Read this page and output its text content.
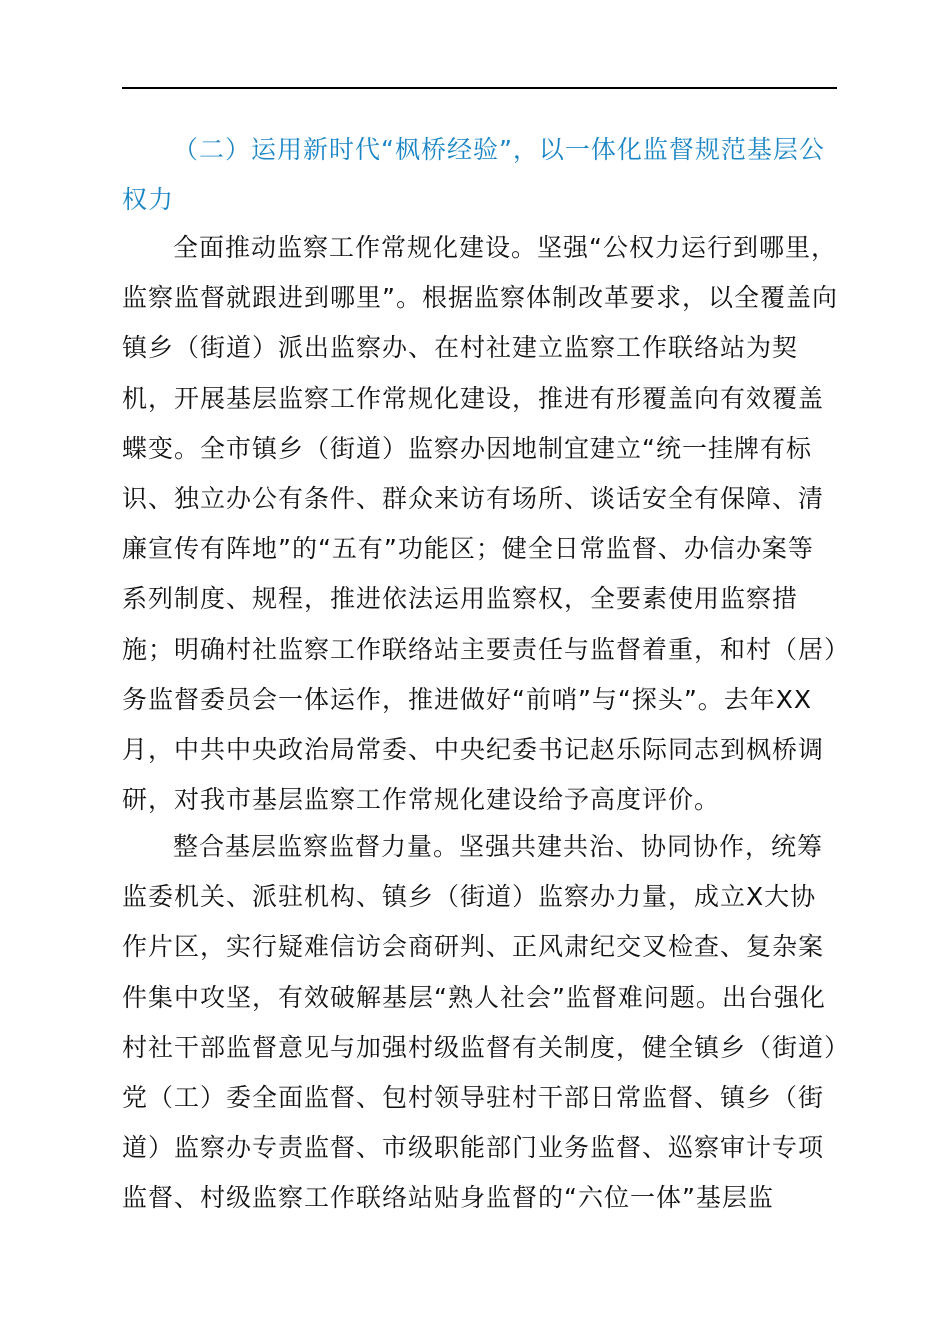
（二）运用新时代“枫桥经验”，以一体化监督规范基层公权力

全面推动监察工作常规化建设。坚强“公权力运行到哪里，监察监督就跟进到哪里”。根据监察体制改革要求，以全覆盖向镇乡（街道）派出监察办、在村社建立监察工作联络站为契机，开展基层监察工作常规化建设，推进有形覆盖向有效覆盖蝶变。全市镇乡（街道）监察办因地制宜建立“统一挂牌有标识、独立办公有条件、群众来访有场所、谈话安全有保障、清廉宣传有阵地”的“五有”功能区；健全日常监督、办信办案等系列制度、规程，推进依法运用监察权，全要素使用监察措施；明确村社监察工作联络站主要责任与监督着重，和村（居）务监督委员会一体运作，推进做好“前哨”与“探头”。去年XX月，中共中央政治局常委、中央纪委书记赵乐际同志到枫桥调研，对我市基层监察工作常规化建设给予高度评价。

整合基层监察监督力量。坚强共建共治、协同协作，统筹监委机关、派驻机构、镇乡（街道）监察办力量，成立X大协作片区，实行疑难信访会商研判、正风肃纪交叉检查、复杂案件集中攻坚，有效破解基层“熟人社会”监督难问题。出台强化村社干部监督意见与加强村级监督有关制度，健全镇乡（街道）党（工）委全面监督、包村领导驻村干部日常监督、镇乡（街道）监察办专责监督、市级职能部门业务监督、巡察审计专项监督、村级监察工作联络站贴身监督的“六位一体”基层监
